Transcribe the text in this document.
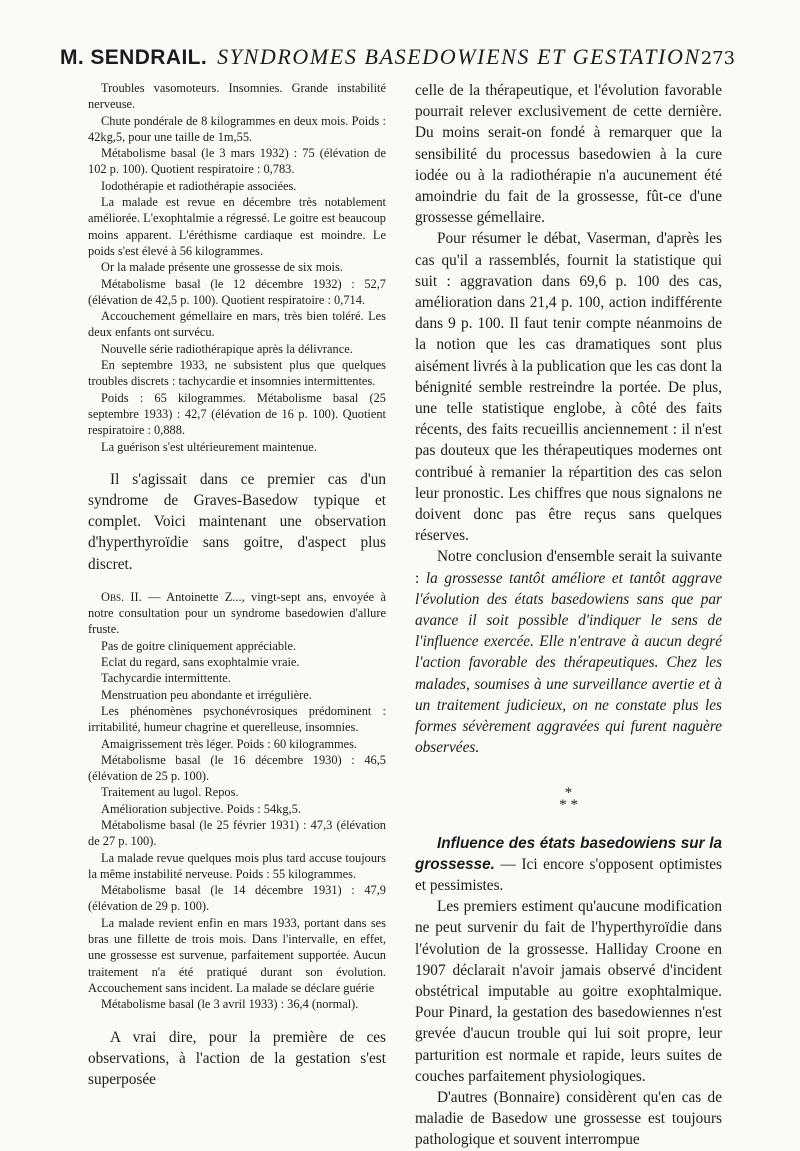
M. SENDRAIL. SYNDROMES BASEDOWIENS ET GESTATION 273

Troubles vasomoteurs. Insomnies. Grande instabilité nerveuse.

Chute pondérale de 8 kilogrammes en deux mois. Poids : 42kg,5, pour une taille de 1m,55.

Métabolisme basal (le 3 mars 1932) : 75 (élévation de 102 p. 100). Quotient respiratoire : 0,783.

Iodothérapie et radiothérapie associées.

La malade est revue en décembre très notablement améliorée. L'exophtalmie a régressé. Le goitre est beaucoup moins apparent. L'éréthisme cardiaque est moindre. Le poids s'est élevé à 56 kilogrammes.

Or la malade présente une grossesse de six mois.

Métabolisme basal (le 12 décembre 1932) : 52,7 (élévation de 42,5 p. 100). Quotient respiratoire : 0,714.

Accouchement gémellaire en mars, très bien toléré. Les deux enfants ont survécu.

Nouvelle série radiothérapique après la délivrance.

En septembre 1933, ne subsistent plus que quelques troubles discrets : tachycardie et insomnies intermittentes.

Poids : 65 kilogrammes. Métabolisme basal (25 septembre 1933) : 42,7 (élévation de 16 p. 100). Quotient respiratoire : 0,888.

La guérison s'est ultérieurement maintenue.

Il s'agissait dans ce premier cas d'un syndrome de Graves-Basedow typique et complet. Voici maintenant une observation d'hyperthyroïdie sans goitre, d'aspect plus discret.

Obs. II. — Antoinette Z..., vingt-sept ans, envoyée à notre consultation pour un syndrome basedowien d'allure fruste.

Pas de goitre cliniquement appréciable.

Eclat du regard, sans exophtalmie vraie.

Tachycardie intermittente.

Menstruation peu abondante et irrégulière.

Les phénomènes psychonévrosiques prédominent : irritabilité, humeur chagrine et querelleuse, insomnies.

Amaigrissement très léger. Poids : 60 kilogrammes.

Métabolisme basal (le 16 décembre 1930) : 46,5 (élévation de 25 p. 100).

Traitement au lugol. Repos.

Amélioration subjective. Poids : 54kg,5.

Métabolisme basal (le 25 février 1931) : 47,3 (élévation de 27 p. 100).

La malade revue quelques mois plus tard accuse toujours la même instabilité nerveuse. Poids : 55 kilogrammes.

Métabolisme basal (le 14 décembre 1931) : 47,9 (élévation de 29 p. 100).

La malade revient enfin en mars 1933, portant dans ses bras une fillette de trois mois. Dans l'intervalle, en effet, une grossesse est survenue, parfaitement supportée. Aucun traitement n'a été pratiqué durant son évolution. Accouchement sans incident. La malade se déclare guérie

Métabolisme basal (le 3 avril 1933) : 36,4 (normal).

A vrai dire, pour la première de ces observations, à l'action de la gestation s'est superposée

celle de la thérapeutique, et l'évolution favorable pourrait relever exclusivement de cette dernière. Du moins serait-on fondé à remarquer que la sensibilité du processus basedowien à la cure iodée ou à la radiothérapie n'a aucunement été amoindrie du fait de la grossesse, fût-ce d'une grossesse gémellaire.

Pour résumer le débat, Vaserman, d'après les cas qu'il a rassemblés, fournit la statistique qui suit : aggravation dans 69,6 p. 100 des cas, amélioration dans 21,4 p. 100, action indifférente dans 9 p. 100. Il faut tenir compte néanmoins de la notion que les cas dramatiques sont plus aisément livrés à la publication que les cas dont la bénignité semble restreindre la portée. De plus, une telle statistique englobe, à côté des faits récents, des faits recueillis anciennement : il n'est pas douteux que les thérapeutiques modernes ont contribué à remanier la répartition des cas selon leur pronostic. Les chiffres que nous signalons ne doivent donc pas être reçus sans quelques réserves.

Notre conclusion d'ensemble serait la suivante : la grossesse tantôt améliore et tantôt aggrave l'évolution des états basedowiens sans que par avance il soit possible d'indiquer le sens de l'influence exercée. Elle n'entrave à aucun degré l'action favorable des thérapeutiques. Chez les malades, soumises à une surveillance avertie et à un traitement judicieux, on ne constate plus les formes sévèrement aggravées qui furent naguère observées.

*
* *

Influence des états basedowiens sur la grossesse. — Ici encore s'opposent optimistes et pessimistes.

Les premiers estiment qu'aucune modification ne peut survenir du fait de l'hyperthyroïdie dans l'évolution de la grossesse. Halliday Croone en 1907 déclarait n'avoir jamais observé d'incident obstétrical imputable au goitre exophtalmique. Pour Pinard, la gestation des basedowiennes n'est grevée d'aucun trouble qui lui soit propre, leur parturition est normale et rapide, leurs suites de couches parfaitement physiologiques.

D'autres (Bonnaire) considèrent qu'en cas de maladie de Basedow une grossesse est toujours pathologique et souvent interrompue
